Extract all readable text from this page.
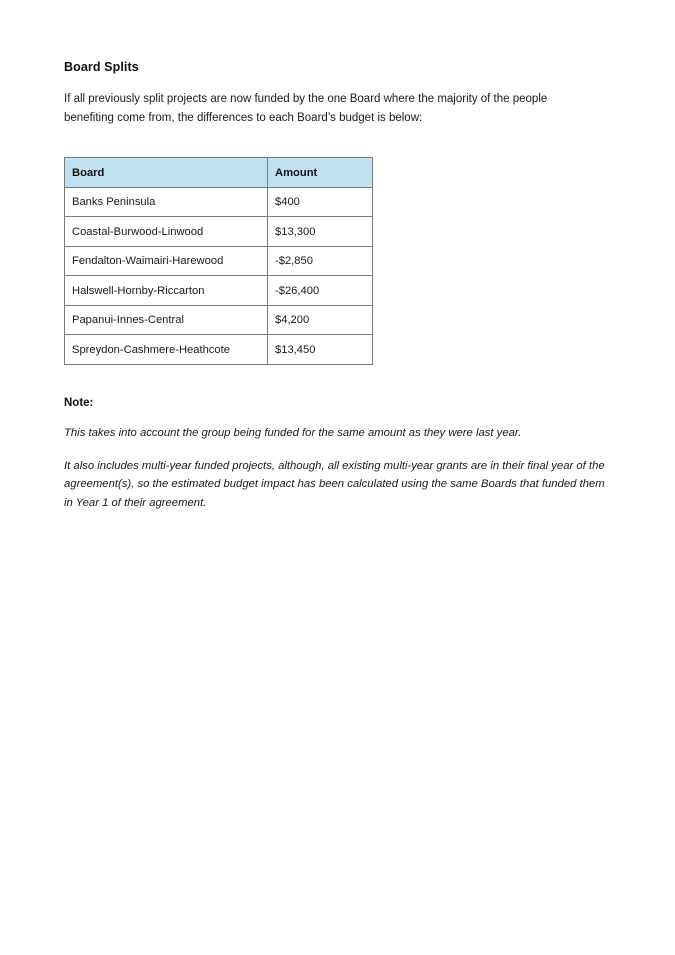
Board Splits

If all previously split projects are now funded by the one Board where the majority of the people benefiting come from, the differences to each Board’s budget is below:

Board	Amount
Banks Peninsula	$400
Coastal-Burwood-Linwood	$13,300
Fendalton-Waimairi-Harewood	-$2,850
Halswell-Hornby-Riccarton	-$26,400
Papanui-Innes-Central	$4,200
Spreydon-Cashmere-Heathcote	$13,450

Note:

This takes into account the group being funded for the same amount as they were last year.

It also includes multi-year funded projects, although, all existing multi-year grants are in their final year of the agreement(s), so the estimated budget impact has been calculated using the same Boards that funded them in Year 1 of their agreement.
